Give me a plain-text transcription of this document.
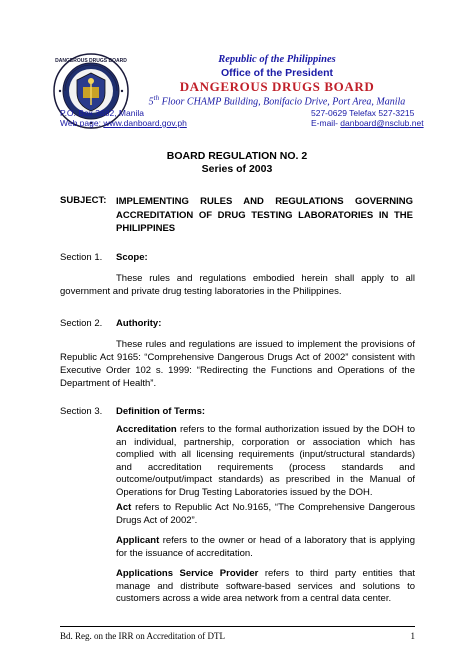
DANGEROUS DRUGS BOARD	Republic of the Philippines
Office of the President
DANGEROUS DRUGS BOARD
5th Floor CHAMP Building, Bonifacio Drive, Port Area, Manila
P.O. Box 3682, Manila	527-0629 Telefax 527-3215
Web page: www.danboard.gov.ph	E-mail- danboard@nsclub.net
BOARD REGULATION NO. 2
Series of 2003
SUBJECT: IMPLEMENTING RULES AND REGULATIONS GOVERNING ACCREDITATION OF DRUG TESTING LABORATORIES IN THE PHILIPPINES
Section 1. Scope:
These rules and regulations embodied herein shall apply to all government and private drug testing laboratories in the Philippines.
Section 2. Authority:
These rules and regulations are issued to implement the provisions of Republic Act 9165: “Comprehensive Dangerous Drugs Act of 2002” consistent with Executive Order 102 s. 1999: “Redirecting the Functions and Operations of the Department of Health”.
Section 3. Definition of Terms:
Accreditation refers to the formal authorization issued by the DOH to an individual, partnership, corporation or association which has complied with all licensing requirements (input/structural standards) and accreditation requirements (process standards and outcome/output/impact standards) as prescribed in the Manual of Operations for Drug Testing Laboratories issued by the DOH.
Act refers to Republic Act No.9165, “The Comprehensive Dangerous Drugs Act of 2002”.
Applicant refers to the owner or head of a laboratory that is applying for the issuance of accreditation.
Applications Service Provider refers to third party entities that manage and distribute software-based services and solutions to customers across a wide area network from a central data center.
Bd. Reg. on the IRR on Accreditation of DTL	1
